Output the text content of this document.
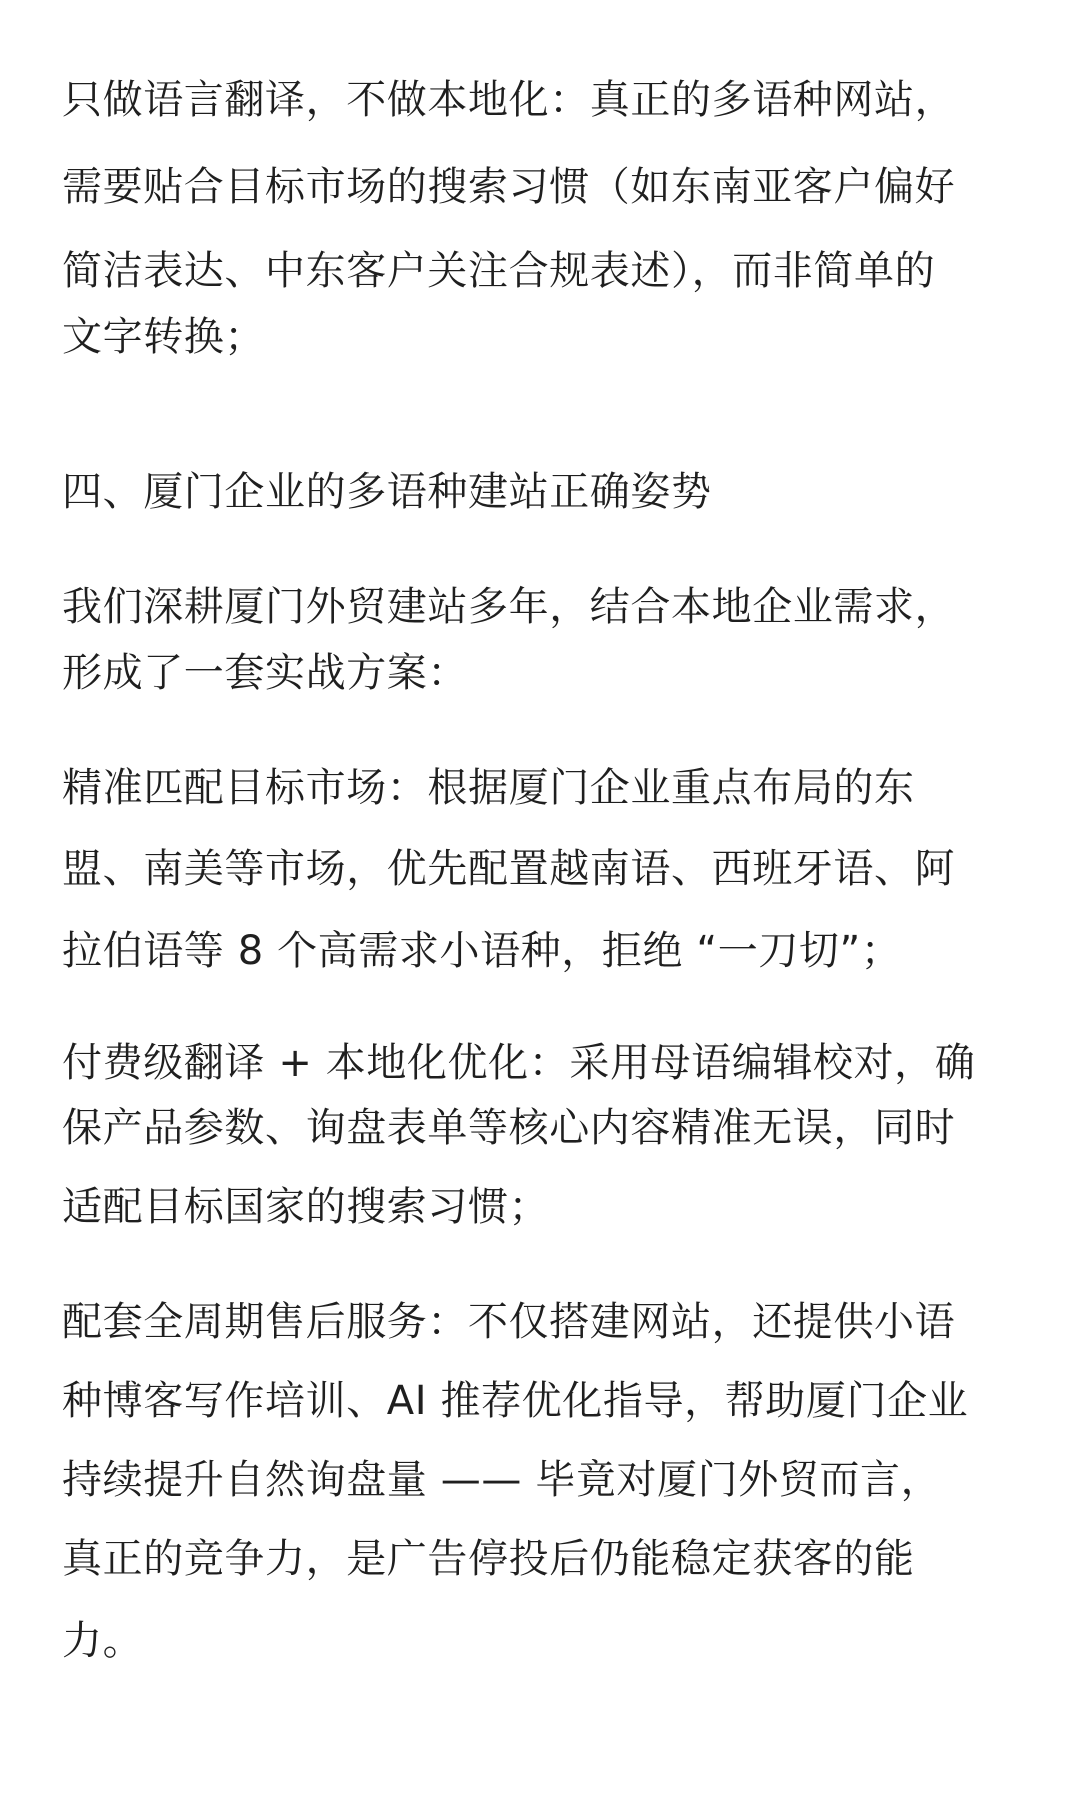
只做语言翻译，不做本地化：真正的多语种网站，
需要贴合目标市场的搜索习惯（如东南亚客户偏好
简洁表达、中东客户关注合规表述），而非简单的
文字转换；
四、厦门企业的多语种建站正确姿势
我们深耕厦门外贸建站多年，结合本地企业需求，
形成了一套实战方案：
精准匹配目标市场：根据厦门企业重点布局的东
盟、南美等市场，优先配置越南语、西班牙语、阿
拉伯语等 8 个高需求小语种，拒绝 “一刀切”；
付费级翻译 + 本地化优化：采用母语编辑校对，确
保产品参数、询盘表单等核心内容精准无误，同时
适配目标国家的搜索习惯；
配套全周期售后服务：不仅搭建网站，还提供小语
种博客写作培训、AI 推荐优化指导，帮助厦门企业
持续提升自然询盘量 —— 毕竟对厦门外贸而言，
真正的竞争力，是广告停投后仍能稳定获客的能
力。
